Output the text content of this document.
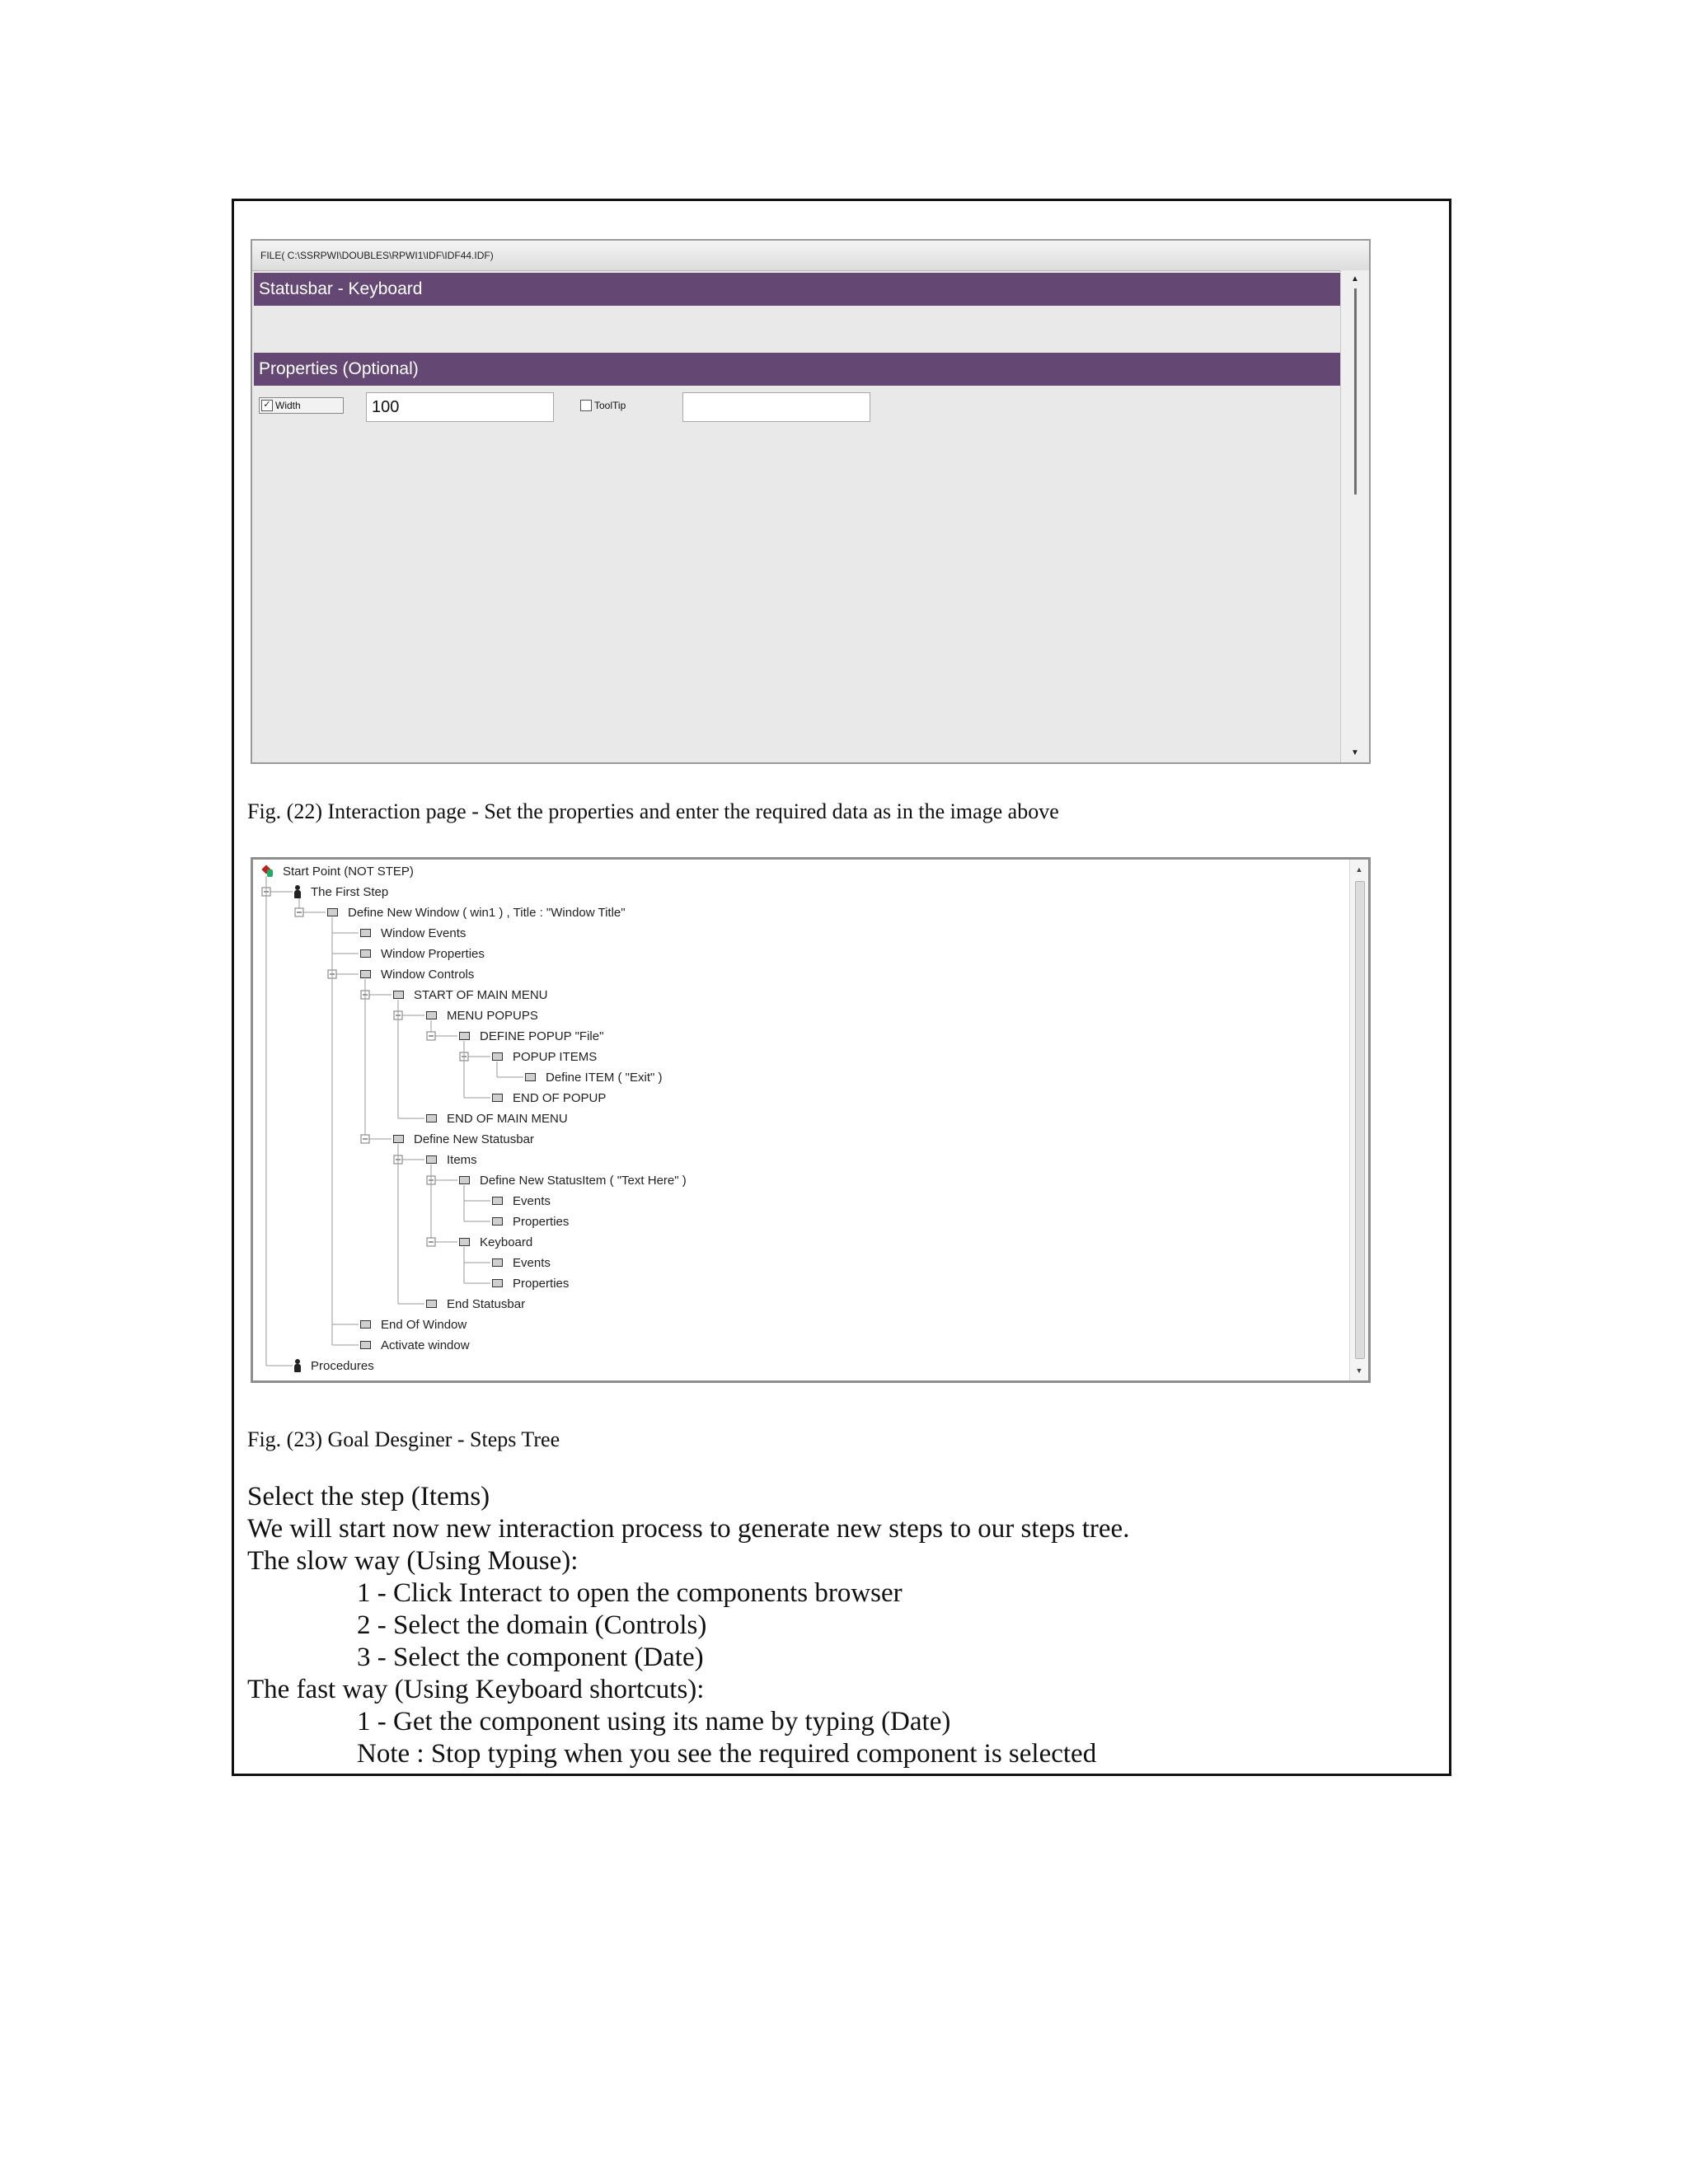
FILE( C:\SSRPWI\DOUBLES\RPWI1\IDF\IDF44.IDF)
Statusbar - Keyboard
Properties (Optional)
✓ Width	100	ToolTip
▲
▼
Fig. (22) Interaction page - Set the properties and enter the required data as in the image above
Start Point (NOT STEP)
The First Step
Define New Window ( win1 ) , Title : "Window Title"
Window Events
Window Properties
Window Controls
START OF MAIN MENU
MENU POPUPS
DEFINE POPUP "File"
POPUP ITEMS
Define ITEM ( "Exit" )
END OF POPUP
END OF MAIN MENU
Define New Statusbar
Items
Define New StatusItem ( "Text Here" )
Events
Properties
Keyboard
Events
Properties
End Statusbar
End Of Window
Activate window
Procedures
▲
▼
Fig. (23) Goal Desginer - Steps Tree
Select the step (Items)
We will start now new interaction process to generate new steps to our steps tree.
The slow way (Using Mouse):
1 - Click Interact to open the components browser
2 - Select the domain (Controls)
3 - Select the component (Date)
The fast way (Using Keyboard shortcuts):
1 - Get the component using its name by typing (Date)
Note : Stop typing when you see the required component is selected
